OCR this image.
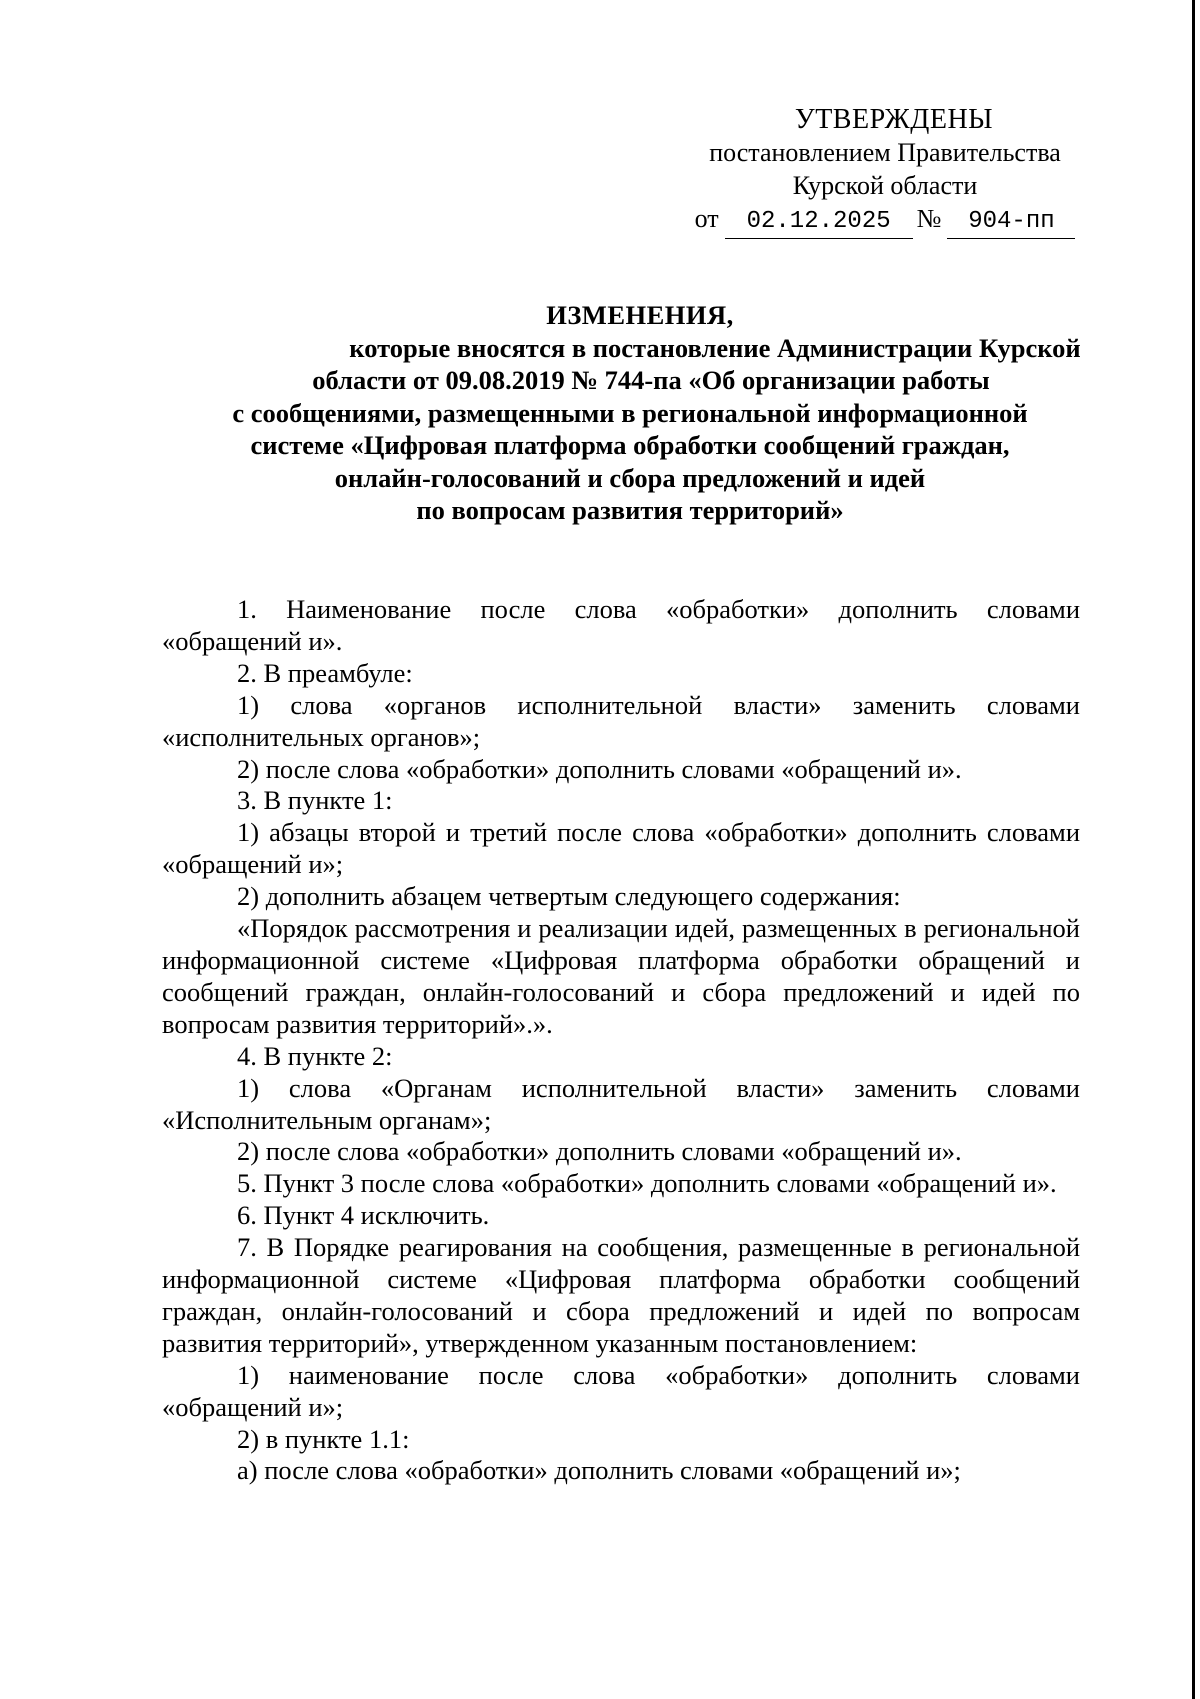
УТВЕРЖДЕНЫ
постановлением Правительства
Курской области
от	02.12.2025 №	904-пп
ИЗМЕНЕНИЯ,
которые вносятся в постановление Администрации Курской
области от 09.08.2019 № 744-па «Об организации работы
с сообщениями, размещенными в региональной информационной
системе «Цифровая платформа обработки сообщений граждан,
онлайн-голосований и сбора предложений и идей
по вопросам развития территорий»

1. Наименование после слова «обработки» дополнить словами «обращений и».

2. В преамбуле:

1) слова «органов исполнительной власти» заменить словами «исполнительных органов»;

2) после слова «обработки» дополнить словами «обращений и».

3. В пункте 1:

1) абзацы второй и третий после слова «обработки» дополнить словами «обращений и»;

2) дополнить абзацем четвертым следующего содержания:

«Порядок рассмотрения и реализации идей, размещенных в региональной информационной системе «Цифровая платформа обработки обращений и сообщений граждан, онлайн-голосований и сбора предложений и идей по вопросам развития территорий».».

4. В пункте 2:

1) слова «Органам исполнительной власти» заменить словами «Исполнительным органам»;

2) после слова «обработки» дополнить словами «обращений и».

5. Пункт 3 после слова «обработки» дополнить словами «обращений и».

6. Пункт 4 исключить.

7. В Порядке реагирования на сообщения, размещенные в региональной информационной системе «Цифровая платформа обработки сообщений граждан, онлайн-голосований и сбора предложений и идей по вопросам развития территорий», утвержденном указанным постановлением:

1) наименование после слова «обработки» дополнить словами «обращений и»;

2) в пункте 1.1:

а) после слова «обработки» дополнить словами «обращений и»;
